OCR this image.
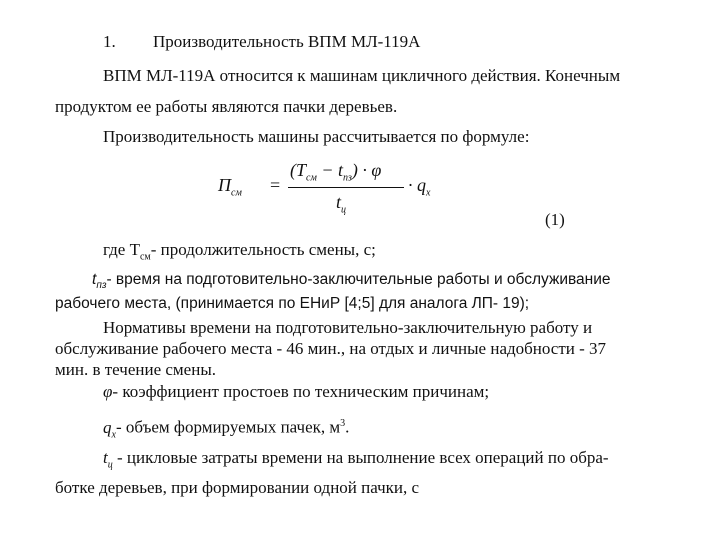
1. Производительность ВПМ МЛ-119А
ВПМ МЛ-119А относится к машинам цикличного действия. Конечным
продуктом ее работы являются пачки деревьев.
Производительность машины рассчитывается по формуле:
$П_{см}$ =
$(T_{см} - t_{пз}) \cdot \varphi$
$t_ц$
· $q_x$
(1)
где $T_{см}-$ продолжительность смены, с;
$t_{пз}-$ время на подготовительно-заключительные работы и обслуживание
рабочего места, (принимается по ЕНиР [4;5] для аналога ЛП- 19);
Нормативы времени на подготовительно-заключительную работу и
обслуживание рабочего места - 46 мин., на отдых и личные надобности - 37
мин. в течение смены.
φ- коэффициент простоев по техническим причинам;
$q_x-$ объем формируемых пачек, $м^3$.
$t_ц$ - цикловые затраты времени на выполнение всех операций по обра-
ботке деревьев, при формировании одной пачки, с
